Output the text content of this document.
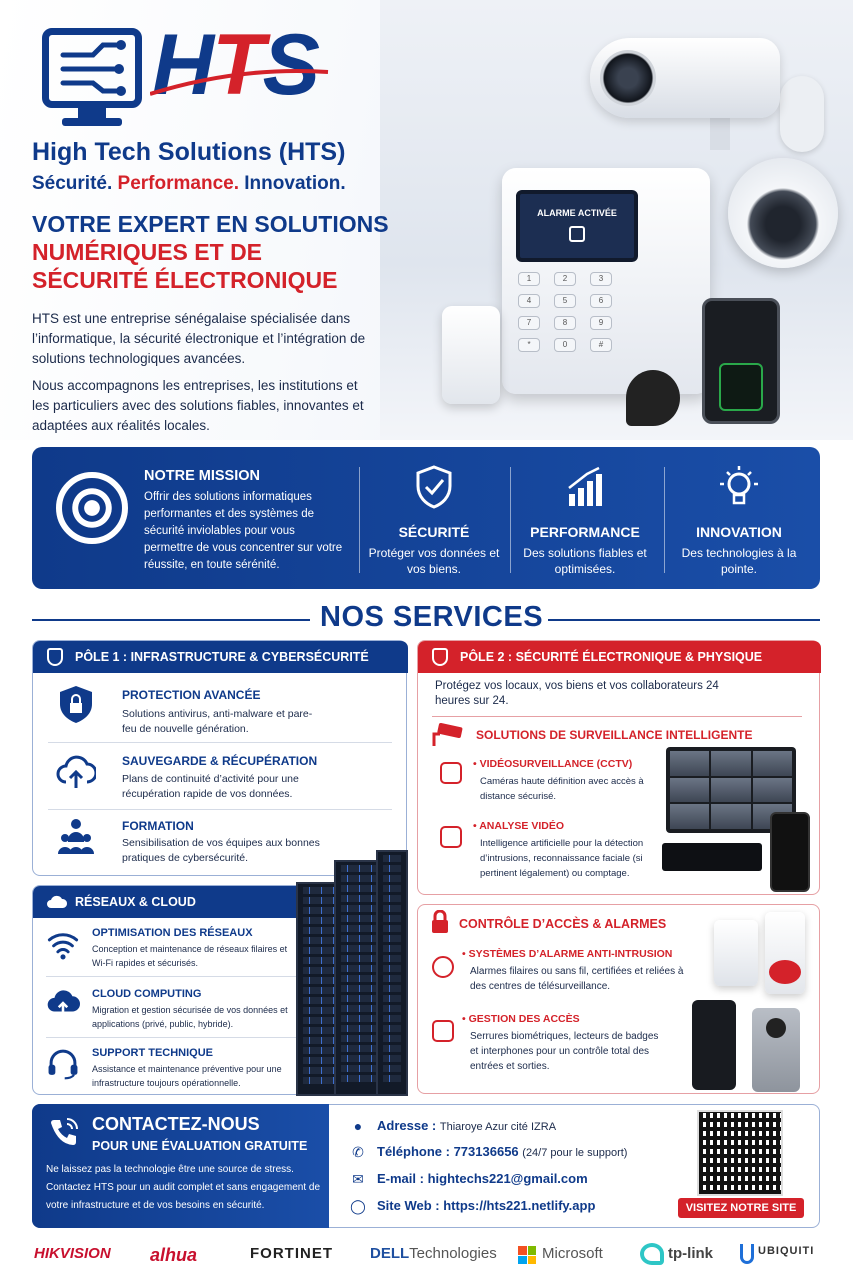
HTS
High Tech Solutions (HTS)
Sécurité. Performance. Innovation.
VOTRE EXPERT EN SOLUTIONS
NUMÉRIQUES ET DE
SÉCURITÉ ÉLECTRONIQUE
HTS est une entreprise sénégalaise spécialisée dans l’informatique, la sécurité électronique et l’intégration de solutions technologiques avancées.
Nous accompagnons les entreprises, les institutions et les particuliers avec des solutions fiables, innovantes et adaptées aux réalités locales.
ALARME ACTIVÉE
1	2	3
4	5	6
7	8	9
*	0	#
NOTRE MISSION
Offrir des solutions informatiques performantes et des systèmes de sécurité inviolables pour vous permettre de vous concentrer sur votre réussite, en toute sérénité.
SÉCURITÉ
Protéger vos données et vos biens.
PERFORMANCE
Des solutions fiables et optimisées.
INNOVATION
Des technologies à la pointe.
NOS SERVICES
PÔLE 1 : INFRASTRUCTURE & CYBERSÉCURITÉ
PROTECTION AVANCÉE
Solutions antivirus, anti-malware et pare-feu de nouvelle génération.
SAUVEGARDE & RÉCUPÉRATION
Plans de continuité d’activité pour une récupération rapide de vos données.
FORMATION
Sensibilisation de vos équipes aux bonnes pratiques de cybersécurité.
RÉSEAUX & CLOUD
OPTIMISATION DES RÉSEAUX
Conception et maintenance de réseaux filaires et Wi-Fi rapides et sécurisés.
CLOUD COMPUTING
Migration et gestion sécurisée de vos données et applications (privé, public, hybride).
SUPPORT TECHNIQUE
Assistance et maintenance préventive pour une infrastructure toujours opérationnelle.
PÔLE 2 : SÉCURITÉ ÉLECTRONIQUE & PHYSIQUE
Protégez vos locaux, vos biens et vos collaborateurs 24 heures sur 24.
SOLUTIONS DE SURVEILLANCE INTELLIGENTE
• VIDÉOSURVEILLANCE (CCTV)
Caméras haute définition avec accès à distance sécurisé.
• ANALYSE VIDÉO
Intelligence artificielle pour la détection d’intrusions, reconnaissance faciale (si pertinent légalement) ou comptage.
CONTRÔLE D’ACCÈS & ALARMES
• SYSTÈMES D’ALARME ANTI-INTRUSION
Alarmes filaires ou sans fil, certifiées et reliées à des centres de télésurveillance.
• GESTION DES ACCÈS
Serrures biométriques, lecteurs de badges et interphones pour un contrôle total des entrées et sorties.
CONTACTEZ-NOUS
POUR UNE ÉVALUATION GRATUITE
Ne laissez pas la technologie être une source de stress. Contactez HTS pour un audit complet et sans engagement de votre infrastructure et de vos besoins en sécurité.
● Adresse : Thiaroye Azur cité IZRA
✆ Téléphone : 773136656 (24/7 pour le support)
✉ E-mail : hightechs221@gmail.com
◯ Site Web : https://hts221.netlify.app	VISITEZ NOTRE SITE
HIKVISION alhua	FORTINET DELLTechnologies	Microsoft	tp-link	UBIQUITI
